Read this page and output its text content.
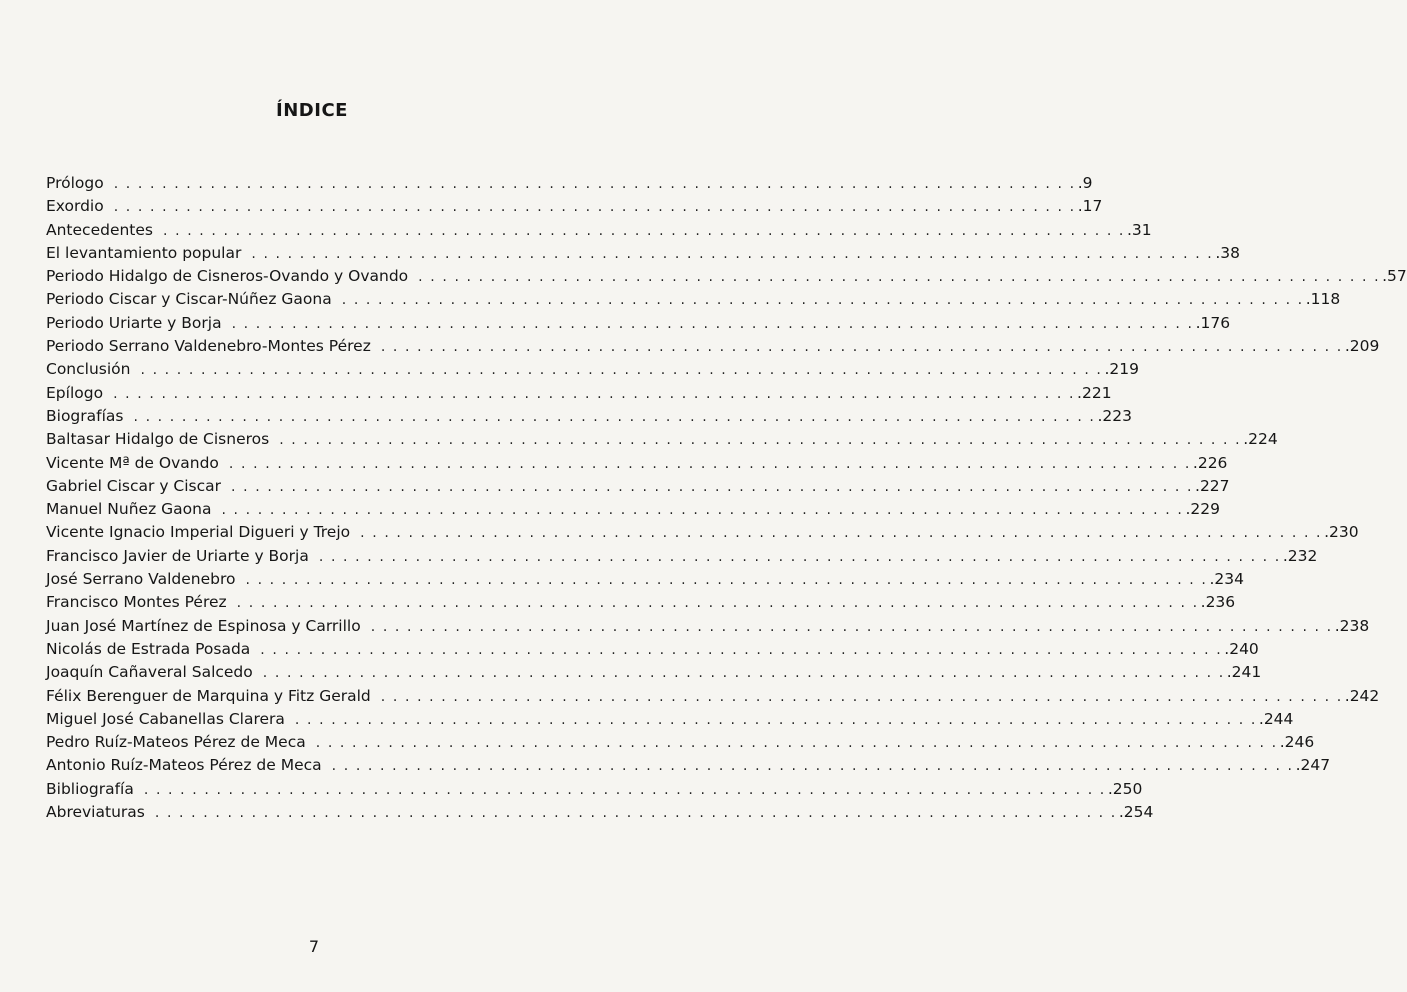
ÍNDICE
Prólogo . . . . . . . . . . . . . . . . . . . . . . . . . . . . . . . . . . . . . . . . . . . . . . . . . . . . . . . . . . . . . . . . . . . . . . . . . . . . . . . . .9
Exordio . . . . . . . . . . . . . . . . . . . . . . . . . . . . . . . . . . . . . . . . . . . . . . . . . . . . . . . . . . . . . . . . . . . . . . . . . . . . . . . . .17
Antecedentes . . . . . . . . . . . . . . . . . . . . . . . . . . . . . . . . . . . . . . . . . . . . . . . . . . . . . . . . . . . . . . . . . . . . . . . . . . . . . . . . .31
El levantamiento popular . . . . . . . . . . . . . . . . . . . . . . . . . . . . . . . . . . . . . . . . . . . . . . . . . . . . . . . . . . . . . . . . . . . . . . . . . . . . . . . . .38
Periodo Hidalgo de Cisneros-Ovando y Ovando . . . . . . . . . . . . . . . . . . . . . . . . . . . . . . . . . . . . . . . . . . . . . . . . . . . . . . . . . . . . . . . . . . . . . . . . . . . . . . . . .57
Periodo Ciscar y Ciscar-Núñez Gaona . . . . . . . . . . . . . . . . . . . . . . . . . . . . . . . . . . . . . . . . . . . . . . . . . . . . . . . . . . . . . . . . . . . . . . . . . . . . . . . . .118
Periodo Uriarte y Borja . . . . . . . . . . . . . . . . . . . . . . . . . . . . . . . . . . . . . . . . . . . . . . . . . . . . . . . . . . . . . . . . . . . . . . . . . . . . . . . . .176
Periodo Serrano Valdenebro-Montes Pérez . . . . . . . . . . . . . . . . . . . . . . . . . . . . . . . . . . . . . . . . . . . . . . . . . . . . . . . . . . . . . . . . . . . . . . . . . . . . . . . . .209
Conclusión . . . . . . . . . . . . . . . . . . . . . . . . . . . . . . . . . . . . . . . . . . . . . . . . . . . . . . . . . . . . . . . . . . . . . . . . . . . . . . . . .219
Epílogo . . . . . . . . . . . . . . . . . . . . . . . . . . . . . . . . . . . . . . . . . . . . . . . . . . . . . . . . . . . . . . . . . . . . . . . . . . . . . . . . .221
Biografías . . . . . . . . . . . . . . . . . . . . . . . . . . . . . . . . . . . . . . . . . . . . . . . . . . . . . . . . . . . . . . . . . . . . . . . . . . . . . . . . .223
Baltasar Hidalgo de Cisneros . . . . . . . . . . . . . . . . . . . . . . . . . . . . . . . . . . . . . . . . . . . . . . . . . . . . . . . . . . . . . . . . . . . . . . . . . . . . . . . . .224
Vicente Mª de Ovando . . . . . . . . . . . . . . . . . . . . . . . . . . . . . . . . . . . . . . . . . . . . . . . . . . . . . . . . . . . . . . . . . . . . . . . . . . . . . . . . .226
Gabriel Ciscar y Ciscar . . . . . . . . . . . . . . . . . . . . . . . . . . . . . . . . . . . . . . . . . . . . . . . . . . . . . . . . . . . . . . . . . . . . . . . . . . . . . . . . .227
Manuel Nuñez Gaona . . . . . . . . . . . . . . . . . . . . . . . . . . . . . . . . . . . . . . . . . . . . . . . . . . . . . . . . . . . . . . . . . . . . . . . . . . . . . . . . .229
Vicente Ignacio Imperial Digueri y Trejo . . . . . . . . . . . . . . . . . . . . . . . . . . . . . . . . . . . . . . . . . . . . . . . . . . . . . . . . . . . . . . . . . . . . . . . . . . . . . . . . .230
Francisco Javier de Uriarte y Borja . . . . . . . . . . . . . . . . . . . . . . . . . . . . . . . . . . . . . . . . . . . . . . . . . . . . . . . . . . . . . . . . . . . . . . . . . . . . . . . . .232
José Serrano Valdenebro . . . . . . . . . . . . . . . . . . . . . . . . . . . . . . . . . . . . . . . . . . . . . . . . . . . . . . . . . . . . . . . . . . . . . . . . . . . . . . . . .234
Francisco Montes Pérez . . . . . . . . . . . . . . . . . . . . . . . . . . . . . . . . . . . . . . . . . . . . . . . . . . . . . . . . . . . . . . . . . . . . . . . . . . . . . . . . .236
Juan José Martínez de Espinosa y Carrillo . . . . . . . . . . . . . . . . . . . . . . . . . . . . . . . . . . . . . . . . . . . . . . . . . . . . . . . . . . . . . . . . . . . . . . . . . . . . . . . . .238
Nicolás de Estrada Posada . . . . . . . . . . . . . . . . . . . . . . . . . . . . . . . . . . . . . . . . . . . . . . . . . . . . . . . . . . . . . . . . . . . . . . . . . . . . . . . . .240
Joaquín Cañaveral Salcedo . . . . . . . . . . . . . . . . . . . . . . . . . . . . . . . . . . . . . . . . . . . . . . . . . . . . . . . . . . . . . . . . . . . . . . . . . . . . . . . . .241
Félix Berenguer de Marquina y Fitz Gerald . . . . . . . . . . . . . . . . . . . . . . . . . . . . . . . . . . . . . . . . . . . . . . . . . . . . . . . . . . . . . . . . . . . . . . . . . . . . . . . . .242
Miguel José Cabanellas Clarera . . . . . . . . . . . . . . . . . . . . . . . . . . . . . . . . . . . . . . . . . . . . . . . . . . . . . . . . . . . . . . . . . . . . . . . . . . . . . . . . .244
Pedro Ruíz-Mateos Pérez de Meca . . . . . . . . . . . . . . . . . . . . . . . . . . . . . . . . . . . . . . . . . . . . . . . . . . . . . . . . . . . . . . . . . . . . . . . . . . . . . . . . .246
Antonio Ruíz-Mateos Pérez de Meca . . . . . . . . . . . . . . . . . . . . . . . . . . . . . . . . . . . . . . . . . . . . . . . . . . . . . . . . . . . . . . . . . . . . . . . . . . . . . . . . .247
Bibliografía . . . . . . . . . . . . . . . . . . . . . . . . . . . . . . . . . . . . . . . . . . . . . . . . . . . . . . . . . . . . . . . . . . . . . . . . . . . . . . . . .250
Abreviaturas . . . . . . . . . . . . . . . . . . . . . . . . . . . . . . . . . . . . . . . . . . . . . . . . . . . . . . . . . . . . . . . . . . . . . . . . . . . . . . . . .254
7
